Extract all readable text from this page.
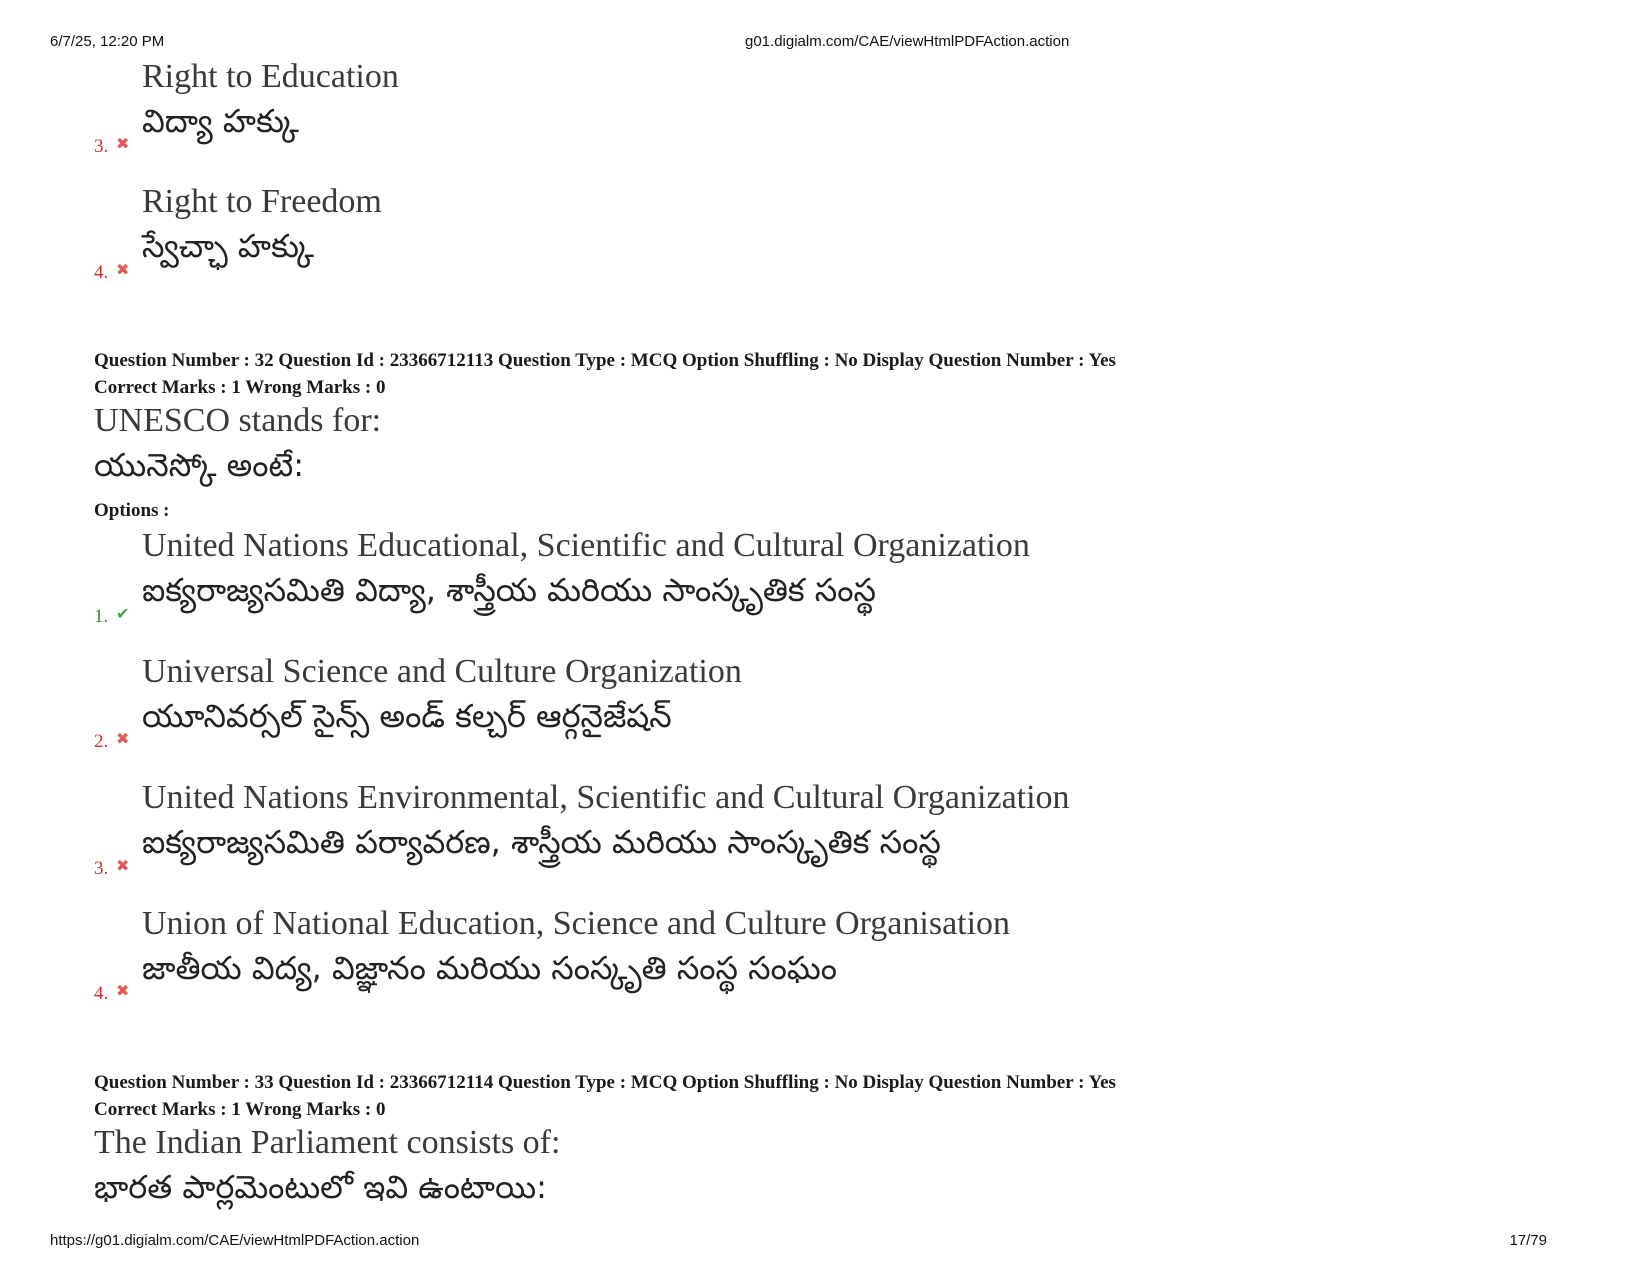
6/7/25, 12:20 PM	g01.digialm.com/CAE/viewHtmlPDFAction.action
Right to Education
విద్యా హక్కు
3. ✖
Right to Freedom
స్వేచ్ఛా హక్కు
4. ✖
Question Number : 32 Question Id : 23366712113 Question Type : MCQ Option Shuffling : No Display Question Number : Yes
Correct Marks : 1 Wrong Marks : 0
UNESCO stands for:
యునెస్కో అంటే:
Options :
United Nations Educational, Scientific and Cultural Organization
ఐక్యరాజ్యసమితి విద్యా, శాస్త్రీయ మరియు సాంస్కృతిక సంస్థ
1. ✔
Universal Science and Culture Organization
యూనివర్సల్ సైన్స్ అండ్ కల్చర్ ఆర్గనైజేషన్
2. ✖
United Nations Environmental, Scientific and Cultural Organization
ఐక్యరాజ్యసమితి పర్యావరణ, శాస్త్రీయ మరియు సాంస్కృతిక సంస్థ
3. ✖
Union of National Education, Science and Culture Organisation
జాతీయ విద్య, విజ్ఞానం మరియు సంస్కృతి సంస్థ సంఘం
4. ✖
Question Number : 33 Question Id : 23366712114 Question Type : MCQ Option Shuffling : No Display Question Number : Yes
Correct Marks : 1 Wrong Marks : 0
The Indian Parliament consists of:
భారత పార్లమెంటులో ఇవి ఉంటాయి:
https://g01.digialm.com/CAE/viewHtmlPDFAction.action	17/79
